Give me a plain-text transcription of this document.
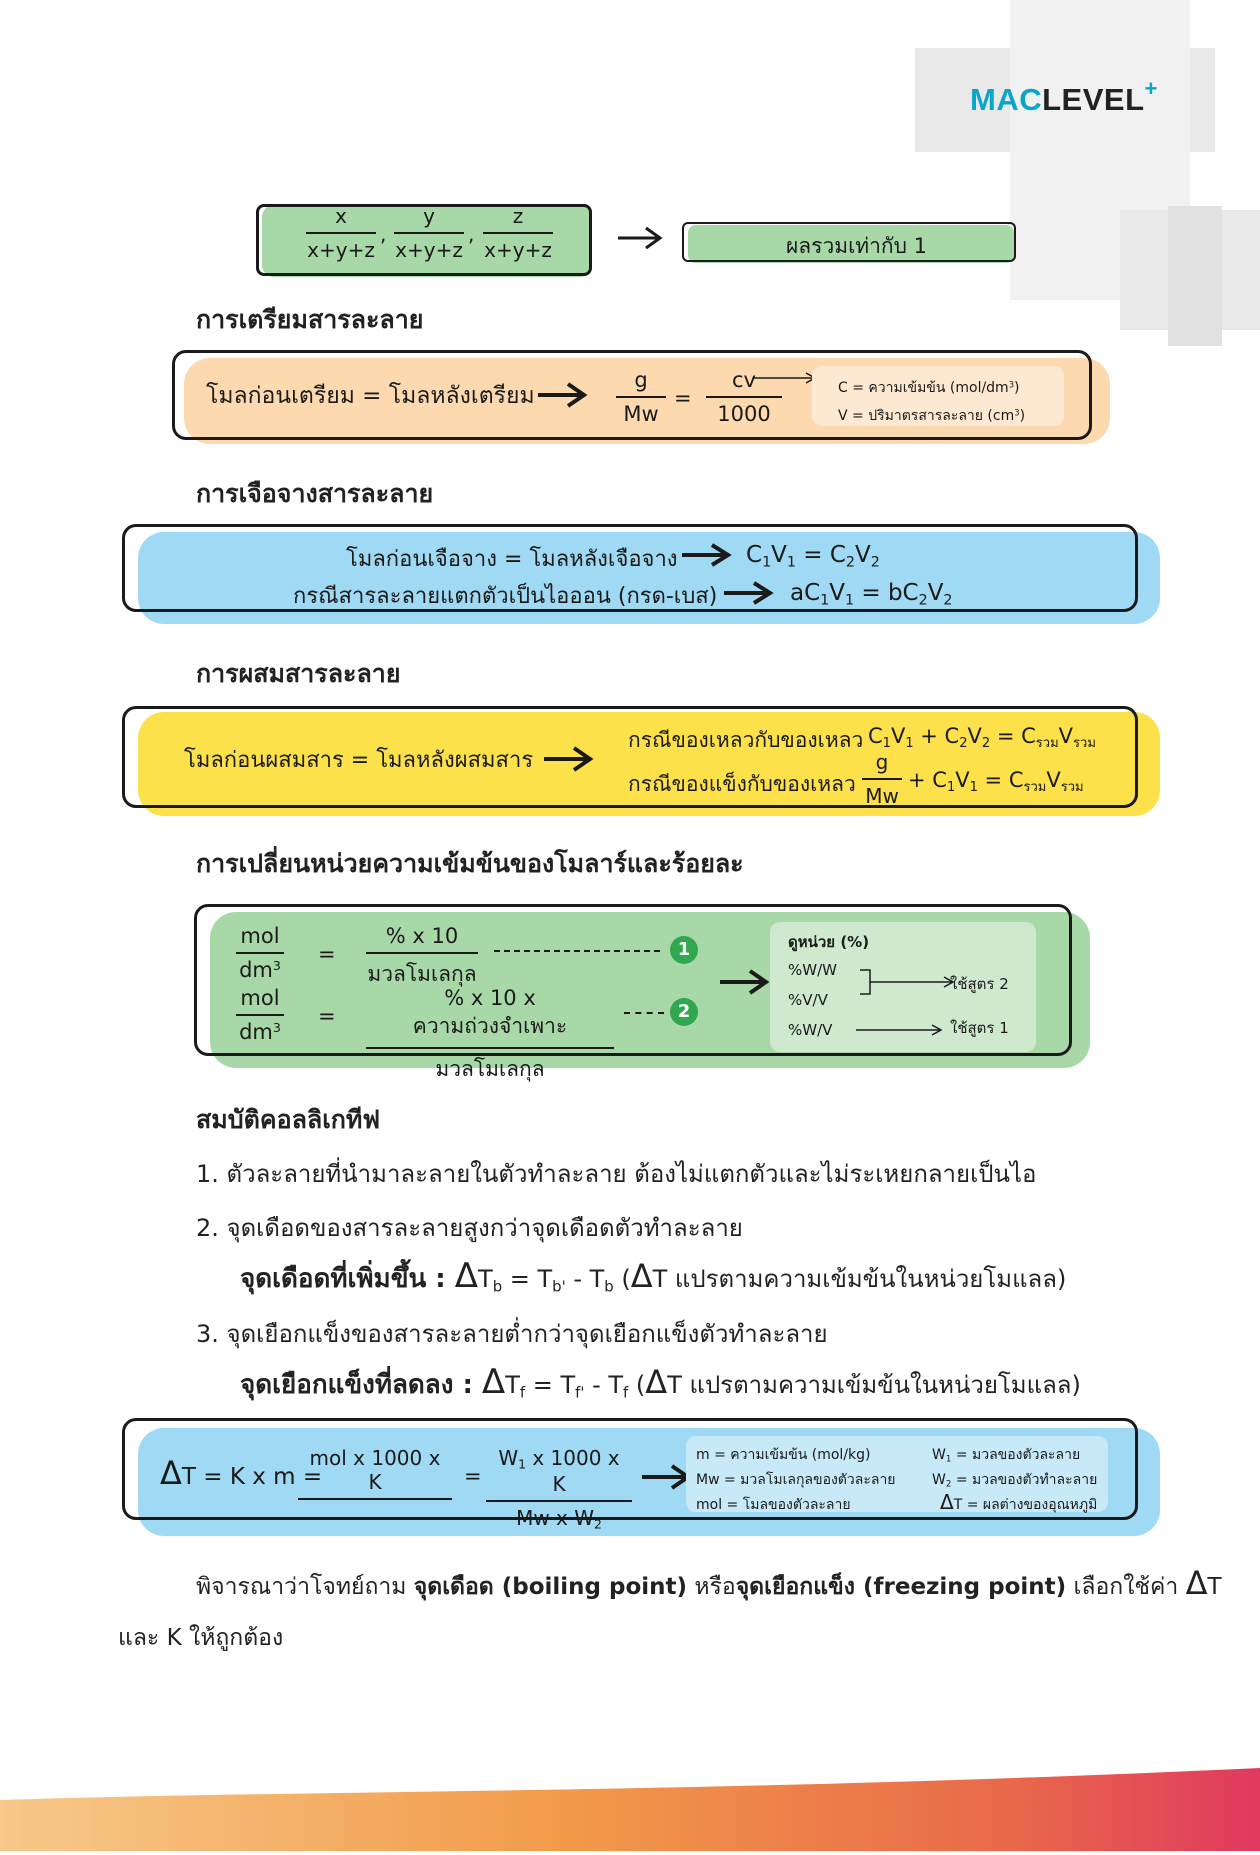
MACLEVEL+
$\frac{x}{x+y+z}$ , $\frac{y}{x+y+z}$ , $\frac{z}{x+y+z}$	ผลรวมเท่ากับ 1
การเตรียมสารละลาย
โมลก่อนเตรียม = โมลหลังเตรียม	$\frac{g}{Mw} = \frac{cv}{1000}$	C = ความเข้มข้น $(mol/dm^3)$
V = ปริมาตรสารละลาย $(cm^3)$
การเจือจางสารละลาย
โมลก่อนเจือจาง = โมลหลังเจือจาง	$C_1V_1 = C_2V_2$
กรณีสารละลายแตกตัวเป็นไอออน (กรด-เบส)	$aC_1V_1 = bC_2V_2$
การผสมสารละลาย
โมลก่อนผสมสาร = โมลหลังผสมสาร
กรณีของเหลวกับของเหลว $C_1V_1 + C_2V_2 = C_{รวม}V_{รวม}$
กรณีของแข็งกับของเหลว $\frac{g}{Mw} + C_1V_1 = C_{รวม}V_{รวม}$
การเปลี่ยนหน่วยความเข้มข้นของโมลาร์และร้อยละ
mol
$dm^3$ =
% x 10
มวลโมเลกุล
1
mol
$dm^3$ =
% x 10 x ความถ่วงจำเพาะ
มวลโมเลกุล
2
ดูหน่วย (%)
%W/W
%V/V
%W/V
ใช้สูตร 2
ใช้สูตร 1
สมบัติคอลลิเกทีฟ
1. ตัวละลายที่นำมาละลายในตัวทำละลาย ต้องไม่แตกตัวและไม่ระเหยกลายเป็นไอ
2. จุดเดือดของสารละลายสูงกว่าจุดเดือดตัวทำละลาย
จุดเดือดที่เพิ่มขึ้น : $\Delta T_b = T_{b'} - T_b$ (ΔT แปรตามความเข้มข้นในหน่วยโมแลล)
3. จุดเยือกแข็งของสารละลายต่ำกว่าจุดเยือกแข็งตัวทำละลาย
จุดเยือกแข็งที่ลดลง : $\Delta T_f = T_{f'} - T_f$ (ΔT แปรตามความเข้มข้นในหน่วยโมแลล)
ΔT = K x m =
mol x 1000 x K	= $\frac{W_1 x 1000 x K}{Mw x W_2}$	m = ความเข้มข้น (mol/kg)
Mw = มวลโมเลกุลของตัวละลาย
mol = โมลของตัวละลาย
$W_1$ = มวลของตัวละลาย
$W_2$ = มวลของตัวทำละลาย
ΔT = ผลต่างของอุณหภูมิ
พิจารณาว่าโจทย์ถาม จุดเดือด (boiling point) หรือจุดเยือกแข็ง (freezing point) เลือกใช้ค่า ΔT
และ K ให้ถูกต้อง
